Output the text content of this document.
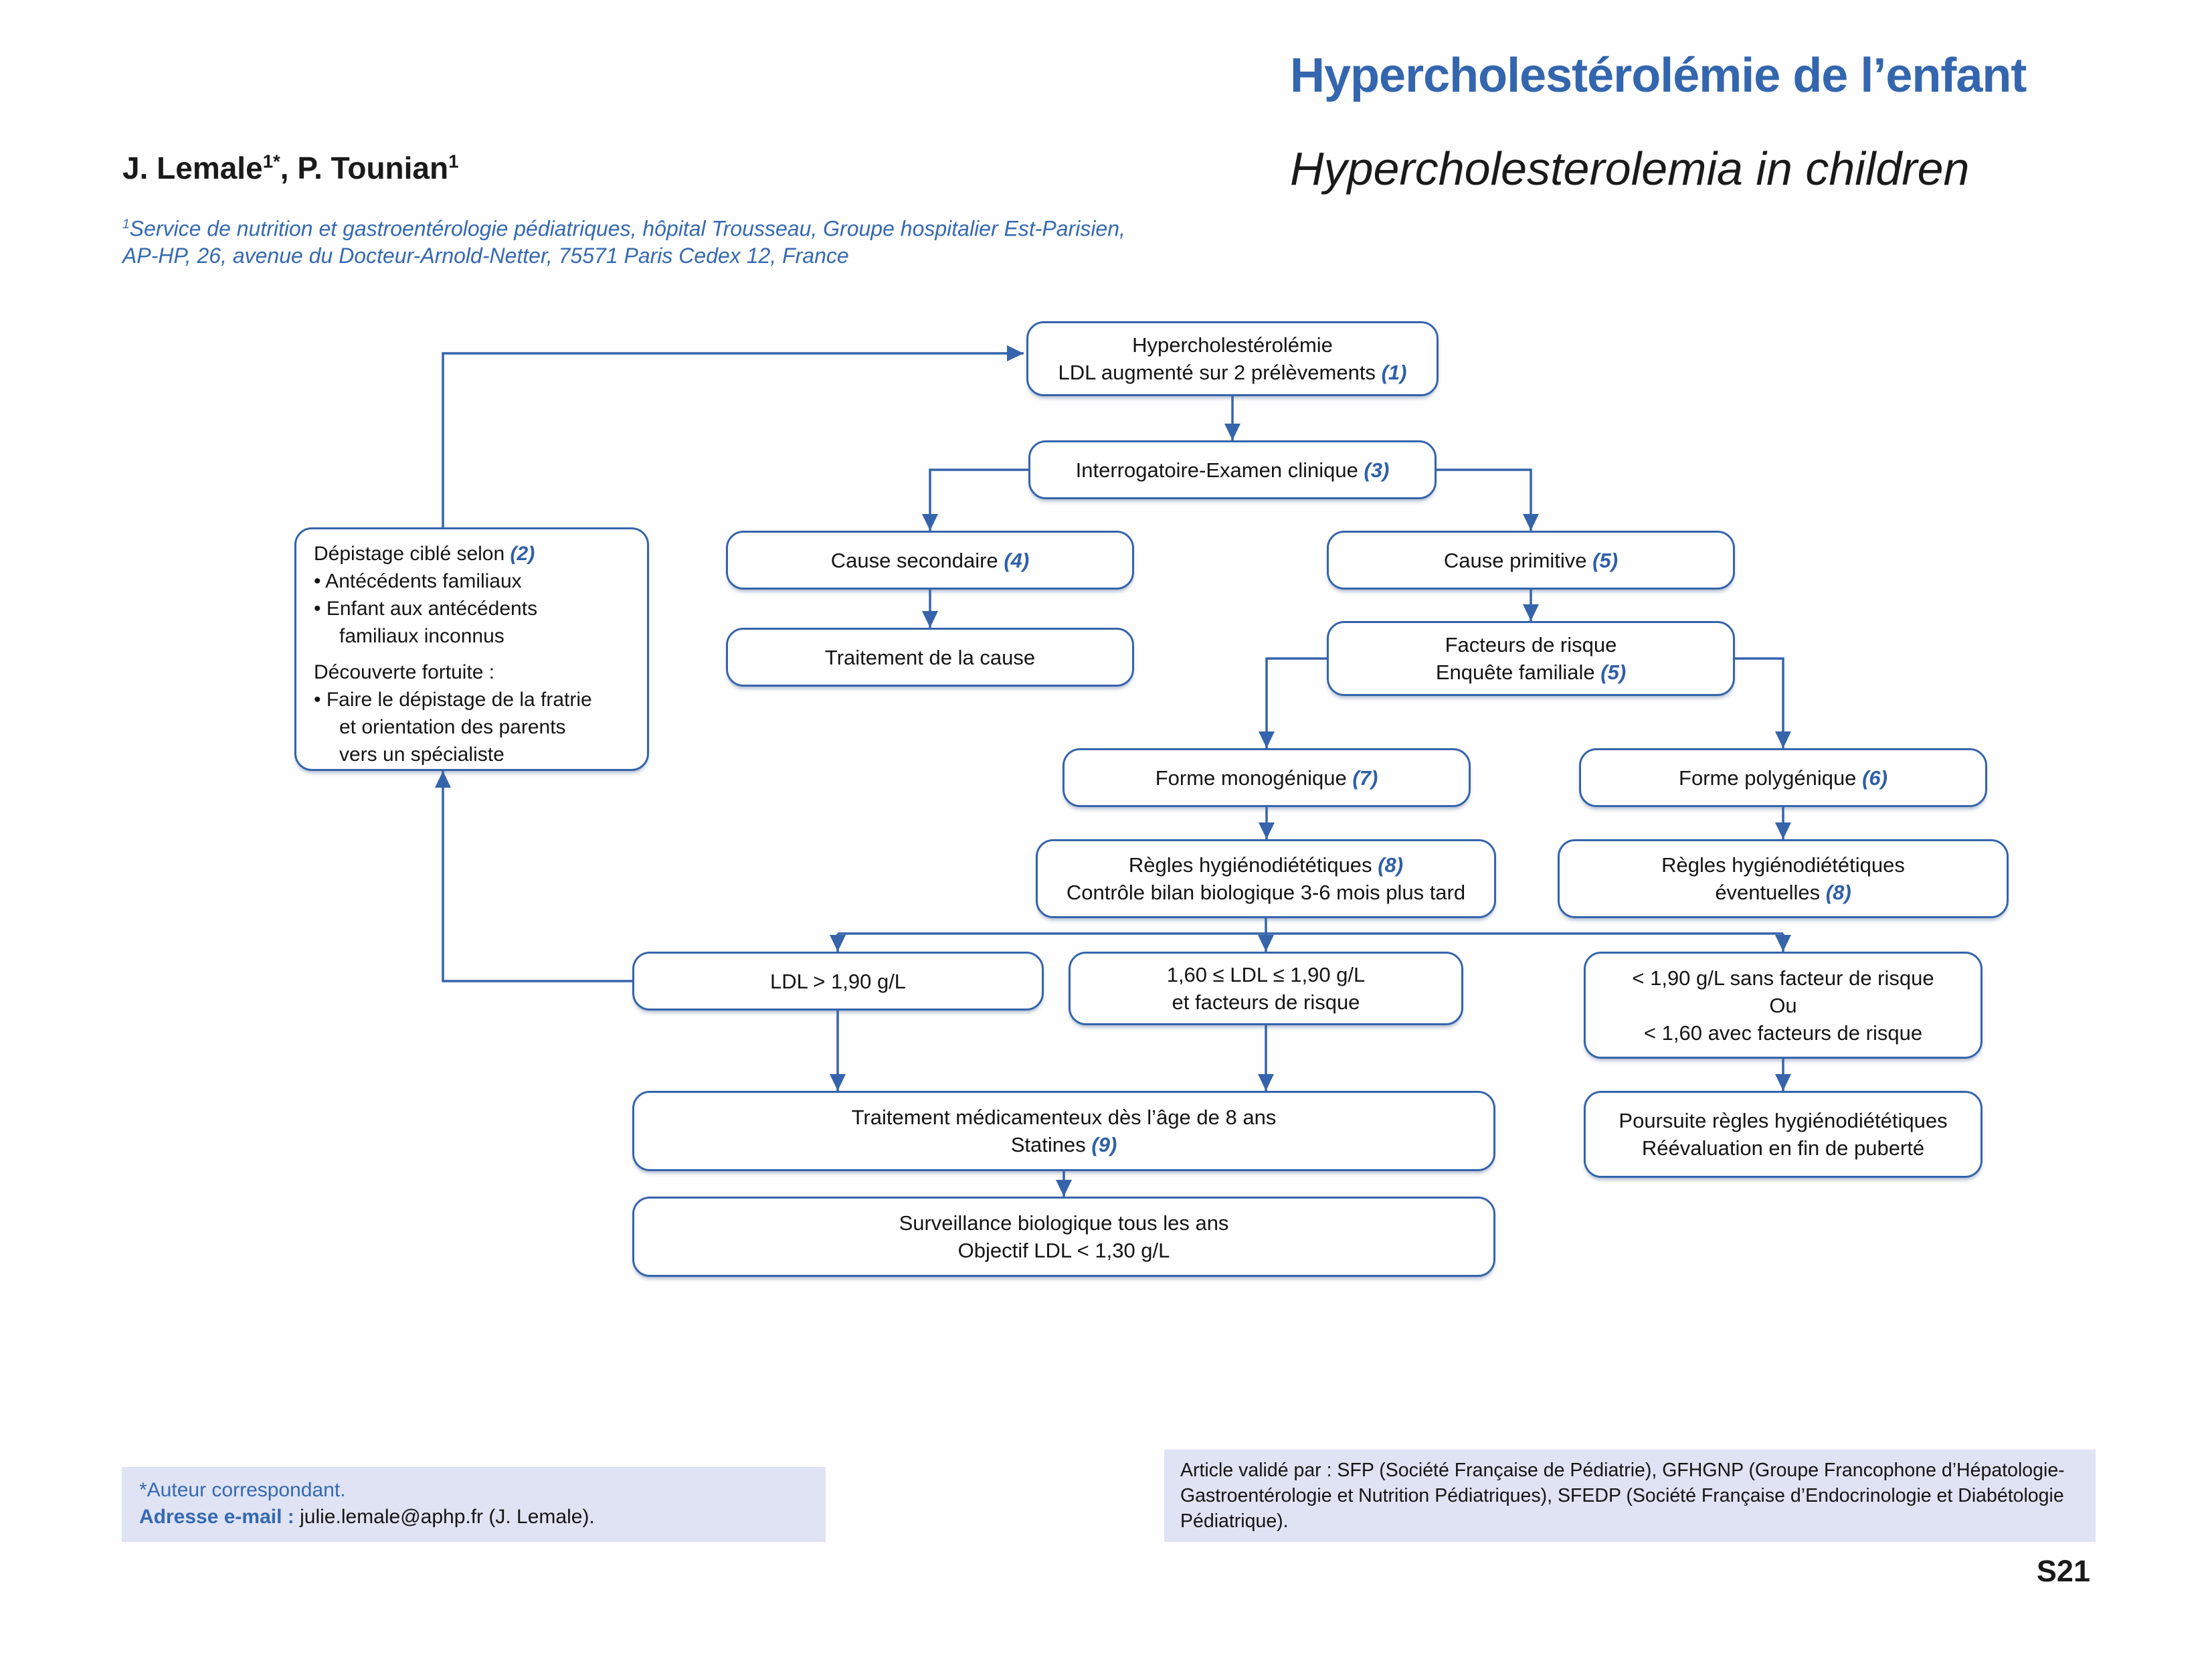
Hypercholestérolémie de l’enfant
Hypercholesterolemia in children
J. Lemale$^{1*}$, P. Tounian$^1$
$^1$Service de nutrition et gastroentérologie pédiatriques, hôpital Trousseau, Groupe hospitalier Est-Parisien,
AP-HP, 26, avenue du Docteur-Arnold-Netter, 75571 Paris Cedex 12, France
Hypercholestérolémie
LDL augmenté sur 2 prélèvements (1)
Interrogatoire-Examen clinique (3)
Dépistage ciblé selon (2)
• Antécédents familiaux
• Enfant aux antécédents
familiaux inconnus
Découverte fortuite :
• Faire le dépistage de la fratrie
et orientation des parents
vers un spécialiste
Cause secondaire (4)
Traitement de la cause
Cause primitive (5)
Facteurs de risque
Enquête familiale (5)
Forme monogénique (7)	Forme polygénique (6)
Règles hygiénodiététiques (8)
Contrôle bilan biologique 3-6 mois plus tard
Règles hygiénodiététiques
éventuelles (8)
LDL > 1,90 g/L	1,60 ≤ LDL ≤ 1,90 g/L
et facteurs de risque
< 1,90 g/L sans facteur de risque
Ou
< 1,60 avec facteurs de risque
Traitement médicamenteux dès l’âge de 8 ans
Statines (9)
Poursuite règles hygiénodiététiques
Réévaluation en fin de puberté
Surveillance biologique tous les ans
Objectif LDL < 1,30 g/L
*Auteur correspondant.
Adresse e-mail : julie.lemale@aphp.fr (J. Lemale).
Article validé par : SFP (Société Française de Pédiatrie), GFHGNP (Groupe Francophone d’Hépatologie-
Gastroentérologie et Nutrition Pédiatriques), SFEDP (Société Française d’Endocrinologie et Diabétologie
Pédiatrique).
S21
